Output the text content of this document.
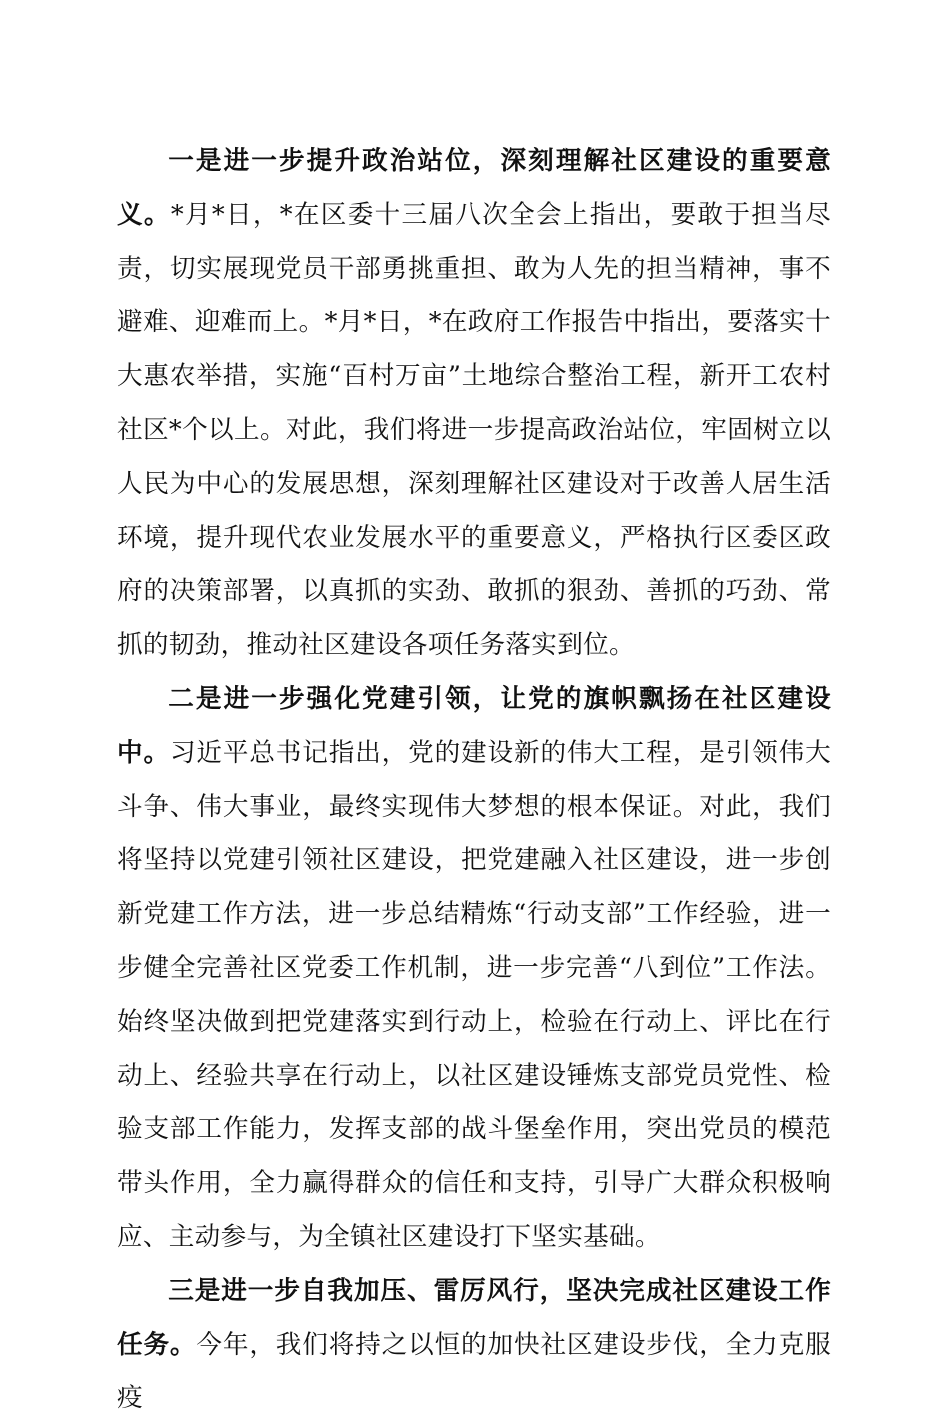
一是进一步提升政治站位，深刻理解社区建设的重要意义。*月*日，*在区委十三届八次全会上指出，要敢于担当尽责，切实展现党员干部勇挑重担、敢为人先的担当精神，事不避难、迎难而上。*月*日，*在政府工作报告中指出，要落实十大惠农举措，实施“百村万亩”土地综合整治工程，新开工农村社区*个以上。对此，我们将进一步提高政治站位，牢固树立以人民为中心的发展思想，深刻理解社区建设对于改善人居生活环境，提升现代农业发展水平的重要意义，严格执行区委区政府的决策部署，以真抓的实劲、敢抓的狠劲、善抓的巧劲、常抓的韧劲，推动社区建设各项任务落实到位。

二是进一步强化党建引领，让党的旗帜飘扬在社区建设中。习近平总书记指出，党的建设新的伟大工程，是引领伟大斗争、伟大事业，最终实现伟大梦想的根本保证。对此，我们将坚持以党建引领社区建设，把党建融入社区建设，进一步创新党建工作方法，进一步总结精炼“行动支部”工作经验，进一步健全完善社区党委工作机制，进一步完善“八到位”工作法。始终坚决做到把党建落实到行动上，检验在行动上、评比在行动上、经验共享在行动上，以社区建设锤炼支部党员党性、检验支部工作能力，发挥支部的战斗堡垒作用，突出党员的模范带头作用，全力赢得群众的信任和支持，引导广大群众积极响应、主动参与，为全镇社区建设打下坚实基础。

三是进一步自我加压、雷厉风行，坚决完成社区建设工作任务。今年，我们将持之以恒的加快社区建设步伐，全力克服疫
